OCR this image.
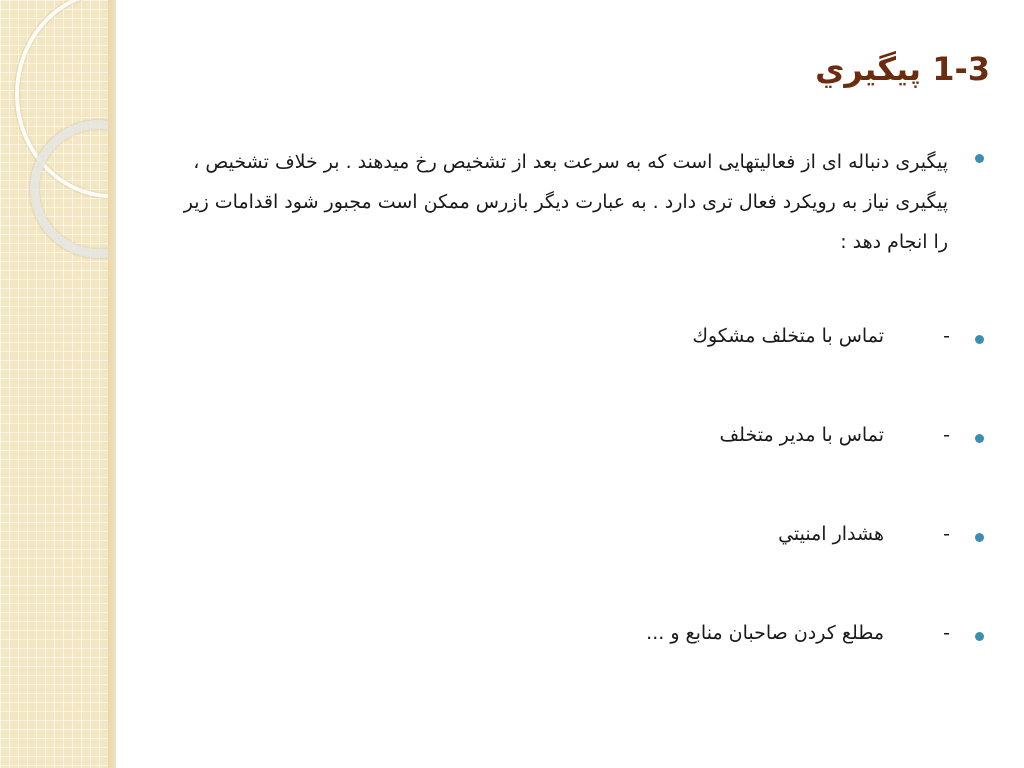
1-3 پيگيري

پیگیری دنباله ای از فعالیتهایی است که به سرعت بعد از تشخیص رخ میدهند . بر خلاف تشخیص ، پیگیری نیاز به رویکرد فعال تری دارد . به عبارت دیگر بازرس ممکن است مجبور شود اقدامات زیر را انجام دهد :

-
تماس با متخلف مشکوك
-
تماس با مدیر متخلف
-
هشدار امنيتي
-
مطلع کردن صاحبان منابع و ...
